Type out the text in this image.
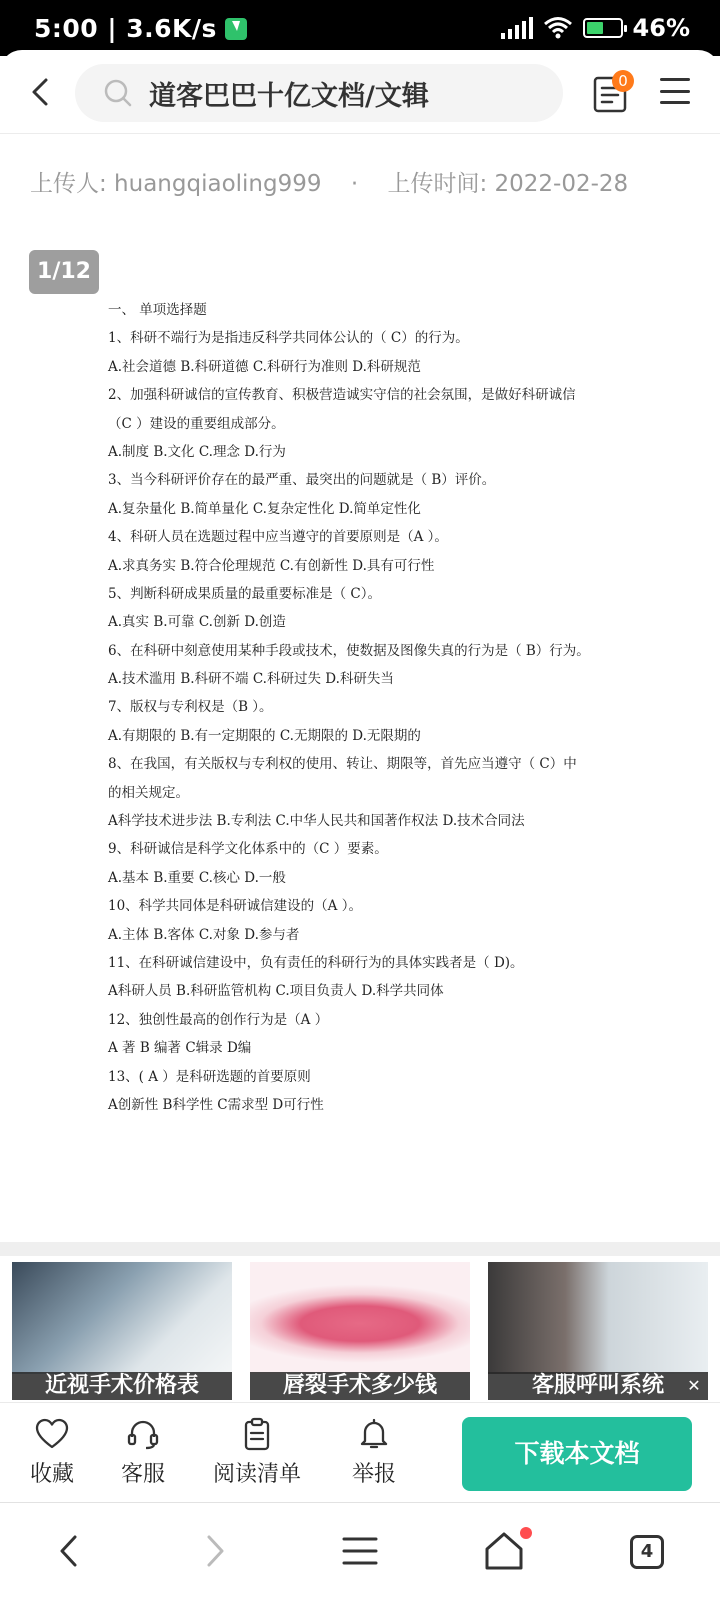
5:00 | 3.6K/s	46%
道客巴巴十亿文档/文辑	0
上传人: huangqiaoling999 · 上传时间: 2022-02-28
1/12
一、 单项选择题
1、科研不端行为是指违反科学共同体公认的（ C）的行为。
A.社会道德 B.科研道德 C.科研行为准则 D.科研规范
2、加强科研诚信的宣传教育、积极营造诚实守信的社会氛围，是做好科研诚信
（C ）建设的重要组成部分。
A.制度 B.文化 C.理念 D.行为
3、当今科研评价存在的最严重、最突出的问题就是（ B）评价。
A.复杂量化 B.简单量化 C.复杂定性化 D.简单定性化
4、科研人员在选题过程中应当遵守的首要原则是（A ）。
A.求真务实 B.符合伦理规范 C.有创新性 D.具有可行性
5、判断科研成果质量的最重要标准是（ C）。
A.真实 B.可靠 C.创新 D.创造
6、在科研中刻意使用某种手段或技术，使数据及图像失真的行为是（ B）行为。
A.技术滥用 B.科研不端 C.科研过失 D.科研失当
7、版权与专利权是（B ）。
A.有期限的 B.有一定期限的 C.无期限的 D.无限期的
8、在我国，有关版权与专利权的使用、转让、期限等，首先应当遵守（ C）中
的相关规定。
A科学技术进步法 B.专利法 C.中华人民共和国著作权法 D.技术合同法
9、科研诚信是科学文化体系中的（C ）要素。
A.基本 B.重要 C.核心 D.一般
10、科学共同体是科研诚信建设的（A ）。
A.主体 B.客体 C.对象 D.参与者
11、在科研诚信建设中，负有责任的科研行为的具体实践者是（ D)。
A科研人员 B.科研监管机构 C.项目负责人 D.科学共同体
12、独创性最高的创作行为是（A ）
A 著 B 编著 C辑录 D编
13、( A ）是科研选题的首要原则
A创新性 B科学性 C需求型 D可行性
近视手术价格表	唇裂手术多少钱	客服呼叫系统	✕
收藏 客服 阅读清单 举报
下载本文档
4
